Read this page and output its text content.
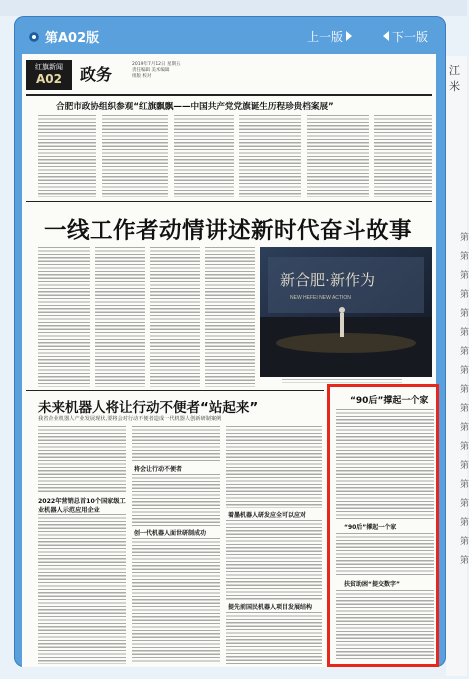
江米
第
第
第
第
第
第
第
第
第
第
第
第
第
第
第
第
第
第
第A02版	上一版	下一版
红旗新闻
A02	政务
2019年7月12日 星期五
责任编辑 美术编辑
组版 校对
合肥市政协组织参观“红旗飘飘——中国共产党党旗诞生历程珍贵档案展”
一线工作者动情讲述新时代奋斗故事
新合肥·新作为
NEW HEFEI NEW ACTION
未来机器人将让行动不便者“站起来”
我省企业机器人产业发展现状,要将会对行动不便者造成一代机器人创新研制案例
2022年营销总首10个国家级工业机器人示范应用企业
将会让行动不便者
创一代机器人面世研制成功
着墨机器人研发应全可以应对
提先前国民机器人项目发展结构
“90后”撑起一个家
“90后”撑起一个家
扶贫助困“提交数字”
